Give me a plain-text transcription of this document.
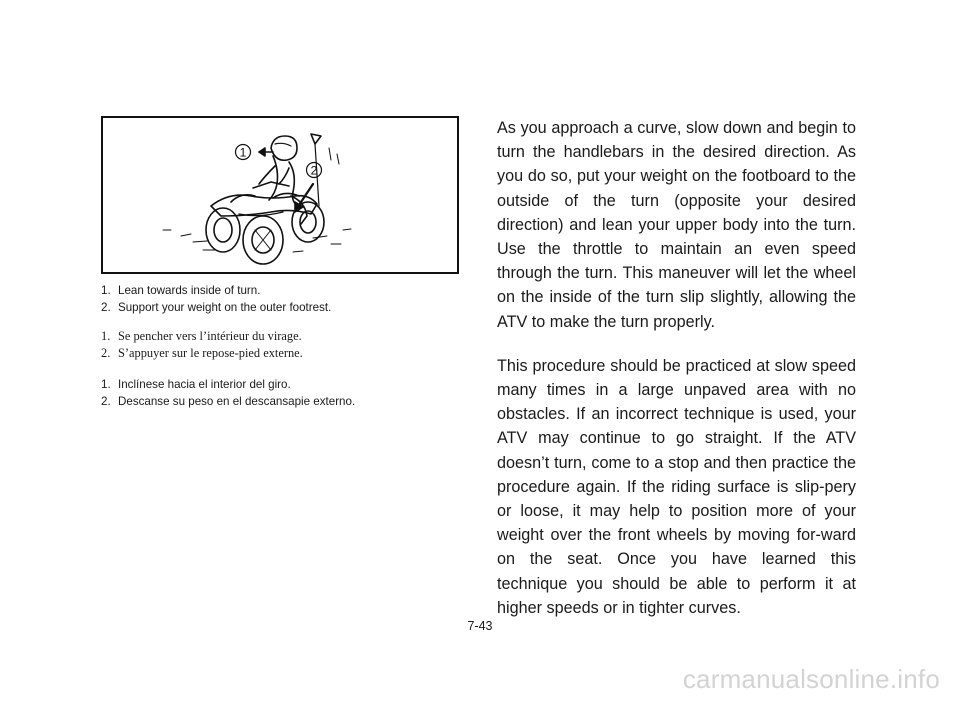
1
2
1. Lean towards inside of turn.
2. Support your weight on the outer footrest.
1. Se pencher vers l’intérieur du virage.
2. S’appuyer sur le repose-pied externe.
1. Inclínese hacia el interior del giro.
2. Descanse su peso en el descansapie externo.

As you approach a curve, slow down and begin to turn the handlebars in the desired direction. As you do so, put your weight on the footboard to the outside of the turn (opposite your desired direction) and lean your upper body into the turn. Use the throttle to maintain an even speed through the turn. This maneuver will let the wheel on the inside of the turn slip slightly, allowing the ATV to make the turn properly.

This procedure should be practiced at slow speed many times in a large unpaved area with no obstacles. If an incorrect technique is used, your ATV may continue to go straight. If the ATV doesn’t turn, come to a stop and then practice the procedure again. If the riding surface is slip-pery or loose, it may help to position more of your weight over the front wheels by moving for-ward on the seat. Once you have learned this technique you should be able to perform it at higher speeds or in tighter curves.

7-43
carmanualsonline.info
